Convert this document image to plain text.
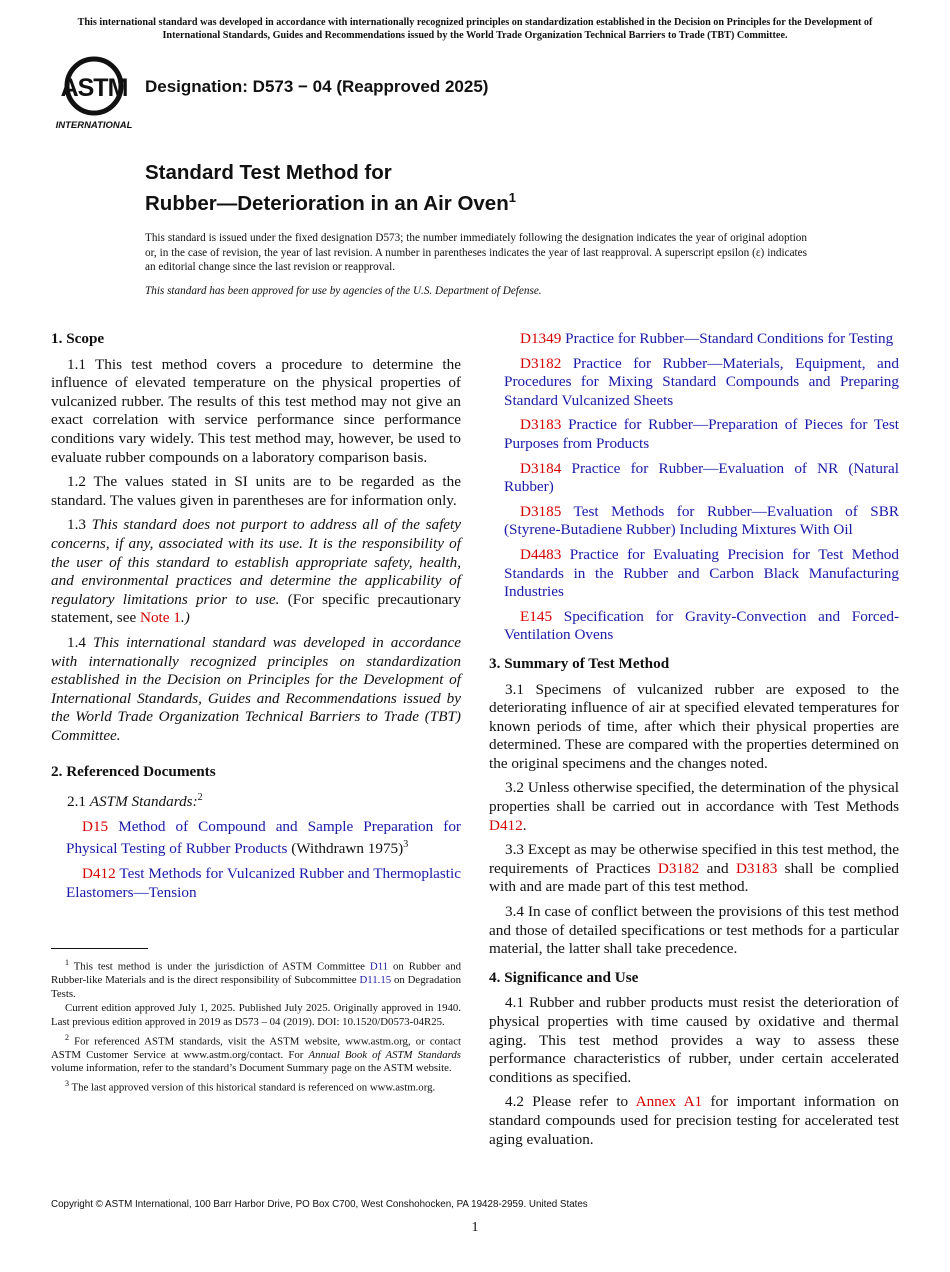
This international standard was developed in accordance with internationally recognized principles on standardization established in the Decision on Principles for the Development of International Standards, Guides and Recommendations issued by the World Trade Organization Technical Barriers to Trade (TBT) Committee.
ASTM
INTERNATIONAL
Designation: D573 − 04 (Reapproved 2025)
Standard Test Method for
Rubber—Deterioration in an Air Oven$^1$
This standard is issued under the fixed designation D573; the number immediately following the designation indicates the year of original adoption or, in the case of revision, the year of last revision. A number in parentheses indicates the year of last reapproval. A superscript epsilon (ε) indicates an editorial change since the last revision or reapproval.
This standard has been approved for use by agencies of the U.S. Department of Defense.
1. Scope

1.1 This test method covers a procedure to determine the influence of elevated temperature on the physical properties of vulcanized rubber. The results of this test method may not give an exact correlation with service performance since performance conditions vary widely. This test method may, however, be used to evaluate rubber compounds on a laboratory comparison basis.

1.2 The values stated in SI units are to be regarded as the standard. The values given in parentheses are for information only.

1.3 This standard does not purport to address all of the safety concerns, if any, associated with its use. It is the responsibility of the user of this standard to establish appropriate safety, health, and environmental practices and determine the applicability of regulatory limitations prior to use. (For specific precautionary statement, see Note 1.)

1.4 This international standard was developed in accordance with internationally recognized principles on standardization established in the Decision on Principles for the Development of International Standards, Guides and Recommendations issued by the World Trade Organization Technical Barriers to Trade (TBT) Committee.

2. Referenced Documents

2.1 ASTM Standards:$^2$

D15 Method of Compound and Sample Preparation for Physical Testing of Rubber Products (Withdrawn 1975)$^3$

D412 Test Methods for Vulcanized Rubber and Thermoplastic Elastomers—Tension

$^1$ This test method is under the jurisdiction of ASTM Committee D11 on Rubber and Rubber-like Materials and is the direct responsibility of Subcommittee D11.15 on Degradation Tests.

Current edition approved July 1, 2025. Published July 2025. Originally approved in 1940. Last previous edition approved in 2019 as D573 – 04 (2019). DOI: 10.1520/D0573-04R25.

$^2$ For referenced ASTM standards, visit the ASTM website, www.astm.org, or contact ASTM Customer Service at www.astm.org/contact. For Annual Book of ASTM Standards volume information, refer to the standard’s Document Summary page on the ASTM website.

$^3$ The last approved version of this historical standard is referenced on www.astm.org.

D1349 Practice for Rubber—Standard Conditions for Testing

D3182 Practice for Rubber—Materials, Equipment, and Procedures for Mixing Standard Compounds and Preparing Standard Vulcanized Sheets

D3183 Practice for Rubber—Preparation of Pieces for Test Purposes from Products

D3184 Practice for Rubber—Evaluation of NR (Natural Rubber)

D3185 Test Methods for Rubber—Evaluation of SBR (Styrene-Butadiene Rubber) Including Mixtures With Oil

D4483 Practice for Evaluating Precision for Test Method Standards in the Rubber and Carbon Black Manufacturing Industries

E145 Specification for Gravity-Convection and Forced-Ventilation Ovens

3. Summary of Test Method

3.1 Specimens of vulcanized rubber are exposed to the deteriorating influence of air at specified elevated temperatures for known periods of time, after which their physical properties are determined. These are compared with the properties determined on the original specimens and the changes noted.

3.2 Unless otherwise specified, the determination of the physical properties shall be carried out in accordance with Test Methods D412.

3.3 Except as may be otherwise specified in this test method, the requirements of Practices D3182 and D3183 shall be complied with and are made part of this test method.

3.4 In case of conflict between the provisions of this test method and those of detailed specifications or test methods for a particular material, the latter shall take precedence.

4. Significance and Use

4.1 Rubber and rubber products must resist the deterioration of physical properties with time caused by oxidative and thermal aging. This test method provides a way to assess these performance characteristics of rubber, under certain accelerated conditions as specified.

4.2 Please refer to Annex A1 for important information on standard compounds used for precision testing for accelerated test aging evaluation.

Copyright © ASTM International, 100 Barr Harbor Drive, PO Box C700, West Conshohocken, PA 19428-2959. United States
1
